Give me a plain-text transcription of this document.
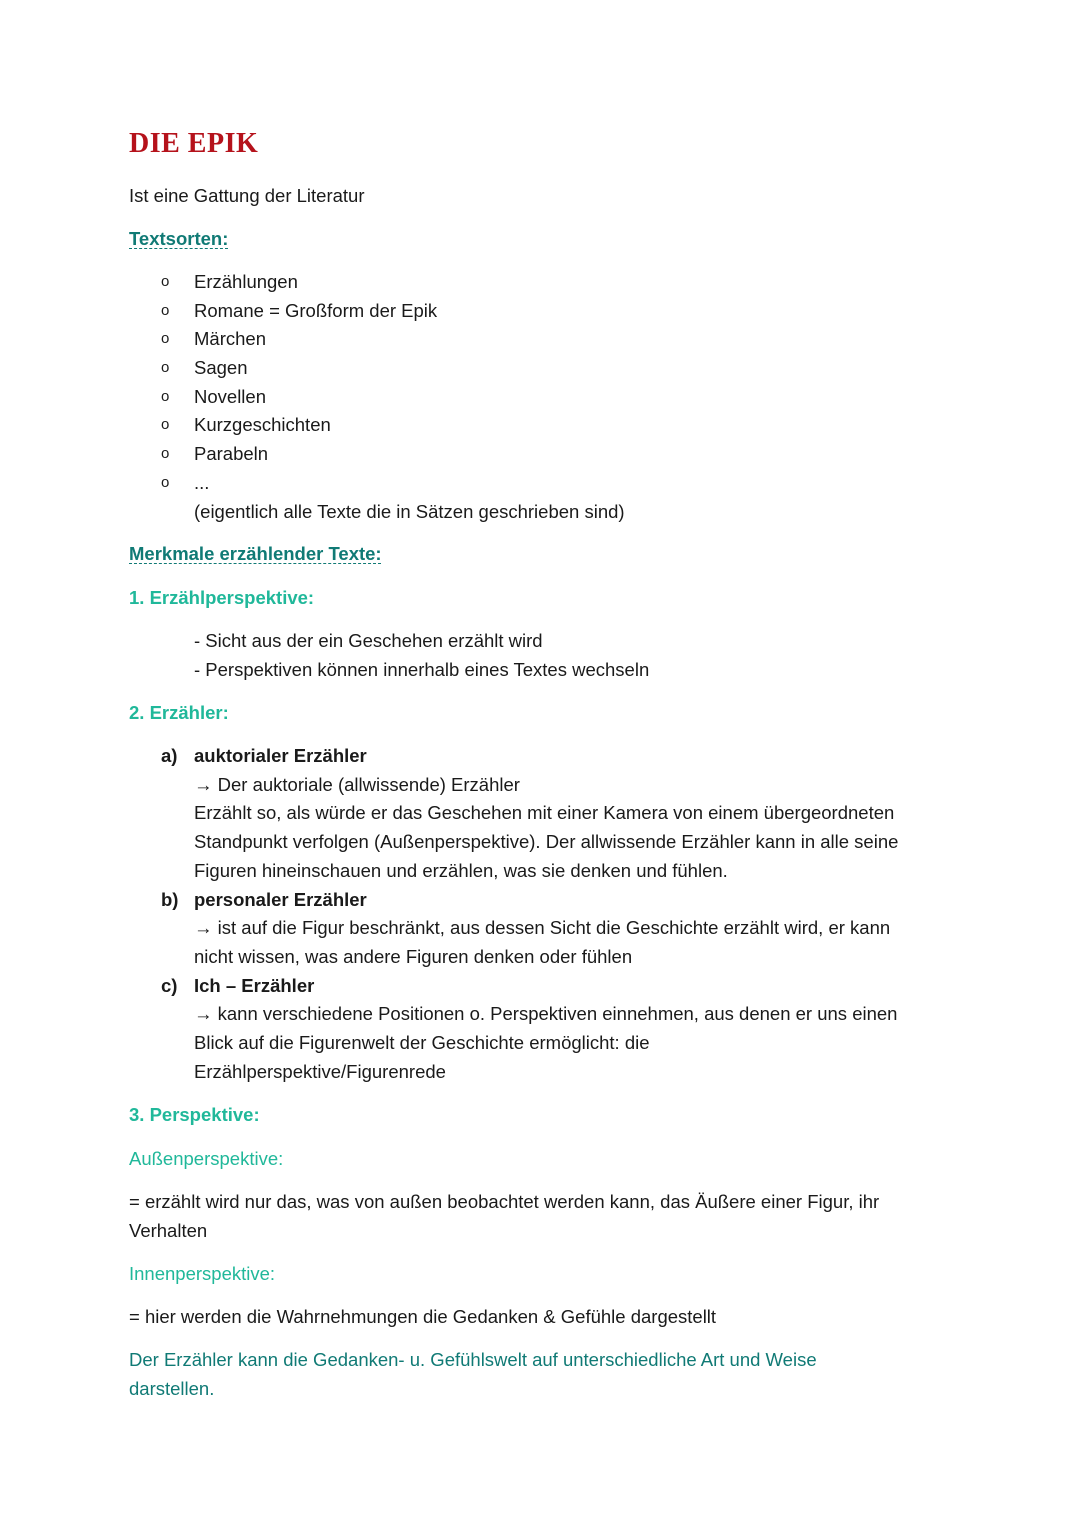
DIE EPIK
Ist eine Gattung der Literatur
Textsorten:
o Erzählungen
o Romane = Großform der Epik
o Märchen
o Sagen
o Novellen
o Kurzgeschichten
o Parabeln
o ...
(eigentlich alle Texte die in Sätzen geschrieben sind)
Merkmale erzählender Texte:
1. Erzählperspektive:
- Sicht aus der ein Geschehen erzählt wird
- Perspektiven können innerhalb eines Textes wechseln
2. Erzähler:
a) auktorialer Erzähler
→ Der auktoriale (allwissende) Erzähler
Erzählt so, als würde er das Geschehen mit einer Kamera von einem übergeordneten
Standpunkt verfolgen (Außenperspektive). Der allwissende Erzähler kann in alle seine
Figuren hineinschauen und erzählen, was sie denken und fühlen.
b) personaler Erzähler
→ ist auf die Figur beschränkt, aus dessen Sicht die Geschichte erzählt wird, er kann
nicht wissen, was andere Figuren denken oder fühlen
c) Ich – Erzähler
→ kann verschiedene Positionen o. Perspektiven einnehmen, aus denen er uns einen
Blick auf die Figurenwelt der Geschichte ermöglicht: die
Erzählperspektive/Figurenrede
3. Perspektive:
Außenperspektive:
= erzählt wird nur das, was von außen beobachtet werden kann, das Äußere einer Figur, ihr
Verhalten
Innenperspektive:
= hier werden die Wahrnehmungen die Gedanken & Gefühle dargestellt
Der Erzähler kann die Gedanken- u. Gefühlswelt auf unterschiedliche Art und Weise
darstellen.
